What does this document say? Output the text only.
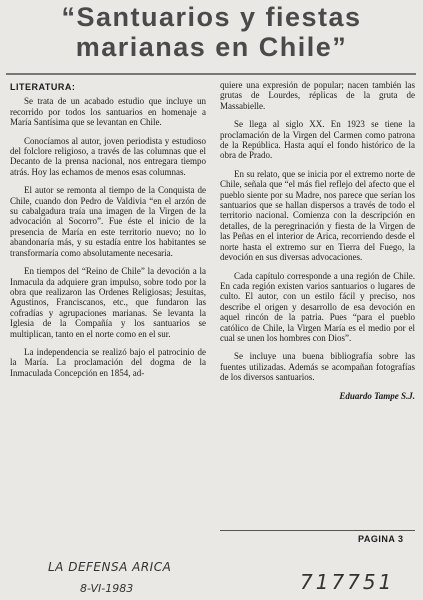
“Santuarios y fiestas
marianas en Chile”
LITERATURA:

Se trata de un acabado estudio que incluye un recorrido por todos los santuarios en homenaje a María Santísima que se levantan en Chile.

Conocíamos al autor, joven periodista y estudioso del folclore religioso, a través de las columnas que el Decanto de la prensa nacional, nos entregara tiempo atrás. Hoy las echamos de menos esas columnas.

El autor se remonta al tiempo de la Conquista de Chile, cuando don Pedro de Valdivia “en el arzón de su cabalgadura traía una imagen de la Virgen de la advocación al Socorro”. Fue éste el inicio de la presencia de María en este territorio nuevo; no lo abandonaría más, y su estadía entre los habitantes se transformaría como absolutamente necesaria.

En tiempos del “Reino de Chile” la devoción a la Inmacula da adquiere gran impulso, sobre todo por la obra que realizaron las Ordenes Religiosas; Jesuitas, Agustinos, Franciscanos, etc., que fundaron las cofradías y agrupaciones marianas. Se levanta la Iglesia de la Compañía y los santuarios se multiplican, tanto en el norte como en el sur.

La independencia se realizó bajo el patrocinio de la María. La proclamación del dogma de la Inmaculada Concepción en 1854, ad-

quiere una expresión de popular; nacen también las grutas de Lourdes, réplicas de la gruta de Massabielle.

Se llega al siglo XX. En 1923 se tiene la proclamación de la Virgen del Carmen como patrona de la República. Hasta aquí el fondo histórico de la obra de Prado.

En su relato, que se inicia por el extremo norte de Chile, señala que “el más fiel reflejo del afecto que el pueblo siente por su Madre, nos parece que serían los santuarios que se hallan dispersos a través de todo el territorio nacional. Comienza con la descripción en detalles, de la peregrinación y fiesta de la Virgen de las Peñas en el interior de Arica, recorriendo desde el norte hasta el extremo sur en Tierra del Fuego, la devoción en sus diversas advocaciones.

Cada capítulo corresponde a una región de Chile. En cada región existen varios santuarios o lugares de culto. El autor, con un estilo fácil y preciso, nos describe el origen y desarrollo de esa devoción en aquel rincón de la patria. Pues “para el pueblo católico de Chile, la Virgen María es el medio por el cual se unen los hombres con Dios”.

Se incluye una buena bibliografía sobre las fuentes utilizadas. Además se acompañan fotografías de los diversos santuarios.

Eduardo Tampe S.J.
PAGINA 3
LA DEFENSA ARICA
8-VI-1983	717751
